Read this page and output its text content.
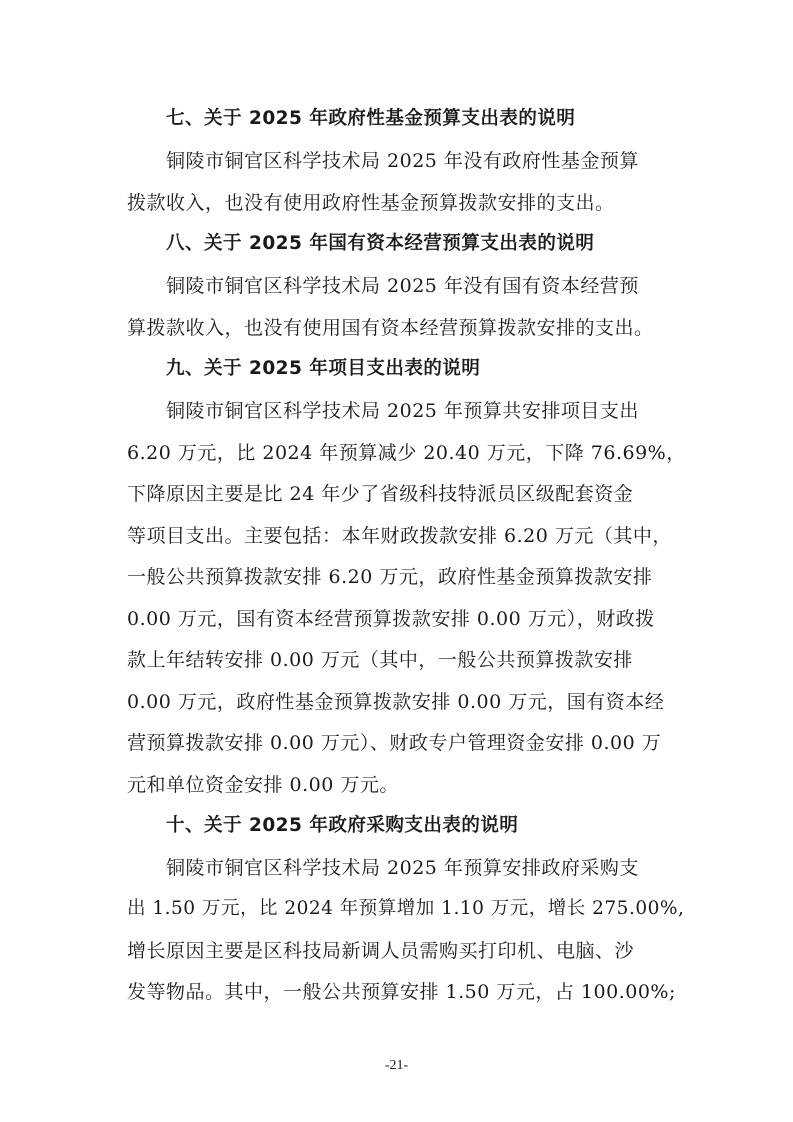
七、关于 2025 年政府性基金预算支出表的说明
铜陵市铜官区科学技术局 2025 年没有政府性基金预算
拨款收入，也没有使用政府性基金预算拨款安排的支出。
八、关于 2025 年国有资本经营预算支出表的说明
铜陵市铜官区科学技术局 2025 年没有国有资本经营预
算拨款收入，也没有使用国有资本经营预算拨款安排的支出。
九、关于 2025 年项目支出表的说明
铜陵市铜官区科学技术局 2025 年预算共安排项目支出
6.20 万元，比 2024 年预算减少 20.40 万元，下降 76.69%，
下降原因主要是比 24 年少了省级科技特派员区级配套资金
等项目支出。主要包括：本年财政拨款安排 6.20 万元（其中，
一般公共预算拨款安排 6.20 万元，政府性基金预算拨款安排
0.00 万元，国有资本经营预算拨款安排 0.00 万元），财政拨
款上年结转安排 0.00 万元（其中，一般公共预算拨款安排
0.00 万元，政府性基金预算拨款安排 0.00 万元，国有资本经
营预算拨款安排 0.00 万元）、财政专户管理资金安排 0.00 万
元和单位资金安排 0.00 万元。
十、关于 2025 年政府采购支出表的说明
铜陵市铜官区科学技术局 2025 年预算安排政府采购支
出 1.50 万元，比 2024 年预算增加 1.10 万元，增长 275.00%,
增长原因主要是区科技局新调人员需购买打印机、电脑、沙
发等物品。其中，一般公共预算安排 1.50 万元，占 100.00%;
-21-
